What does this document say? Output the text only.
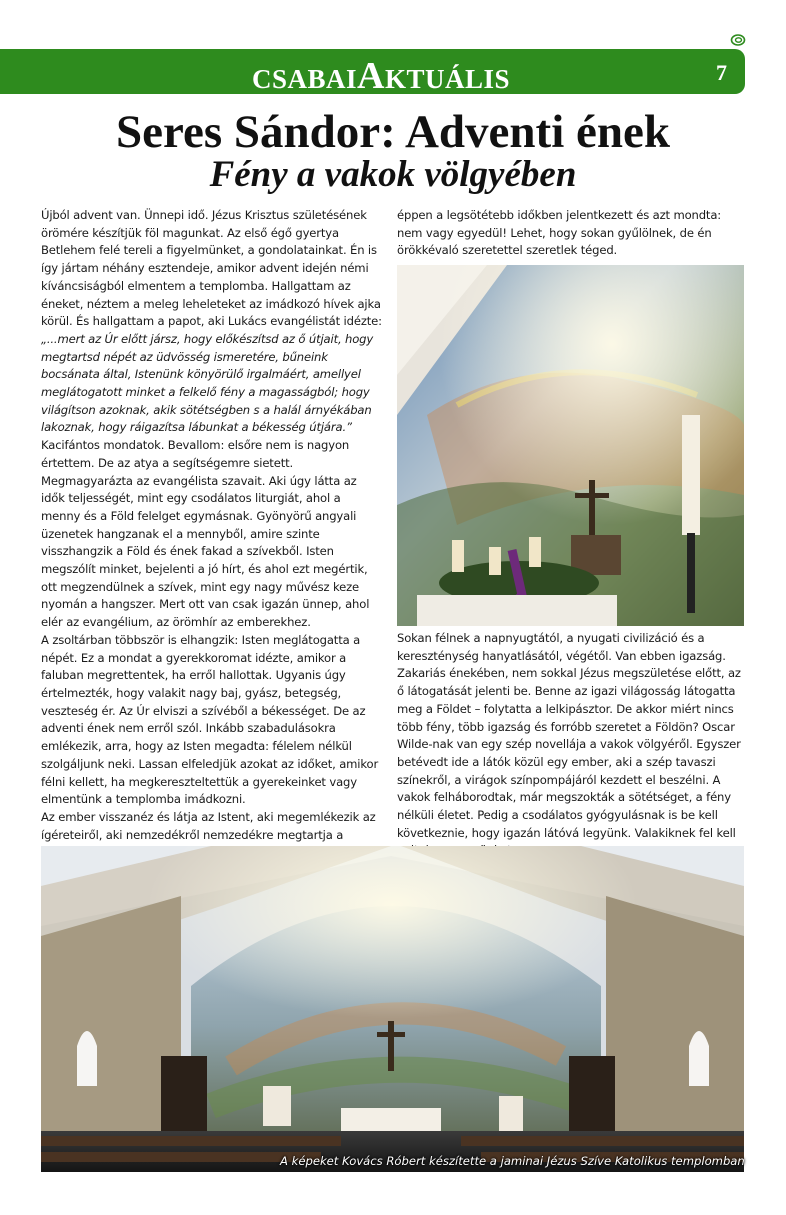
CSABAIAKTUÁLIS	7
Seres Sándor: Adventi ének
Fény a vakok völgyében

Újból advent van. Ünnepi idő. Jézus Krisztus születésének örömére készítjük föl magunkat. Az első égő gyertya Betlehem felé tereli a figyelmünket, a gondolatainkat. Én is így jártam néhány esztendeje, amikor advent idején némi kíváncsiságból elmentem a templomba. Hallgattam az éneket, néztem a meleg leheleteket az imádkozó hívek ajka körül. És hallgattam a papot, aki Lukács evangélistát idézte: „...mert az Úr előtt jársz, hogy előkészítsd az ő útjait, hogy megtartsd népét az üdvösség ismeretére, bűneink bocsánata által, Istenünk könyörülő irgalmáért, amellyel meglátogatott minket a felkelő fény a magasságból; hogy világítson azoknak, akik sötétségben s a halál árnyékában lakoznak, hogy ráigazítsa lábunkat a békesség útjára.”

Kacifántos mondatok. Bevallom: elsőre nem is nagyon értettem. De az atya a segítségemre sietett. Megmagyarázta az evangélista szavait. Aki úgy látta az idők teljességét, mint egy csodálatos liturgiát, ahol a menny és a Föld felelget egymásnak. Gyönyörű angyali üzenetek hangzanak el a mennyből, amire szinte visszhangzik a Föld és ének fakad a szívekből. Isten megszólít minket, bejelenti a jó hírt, és ahol ezt megértik, ott megzendülnek a szívek, mint egy nagy művész keze nyomán a hangszer. Mert ott van csak igazán ünnep, ahol elér az evangélium, az örömhír az emberekhez.

A zsoltárban többször is elhangzik: Isten meglátogatta a népét. Ez a mondat a gyerekkoromat idézte, amikor a faluban megrettentek, ha erről hallottak. Ugyanis úgy értelmezték, hogy valakit nagy baj, gyász, betegség, veszteség ér. Az Úr elviszi a szívéből a békességet. De az adventi ének nem erről szól. Inkább szabadulásokra emlékezik, arra, hogy az Isten megadta: félelem nélkül szolgáljunk neki. Lassan elfeledjük azokat az időket, amikor félni kellett, ha megkereszteltettük a gyerekeinket vagy elmentünk a templomba imádkozni.

Az ember visszanéz és látja az Istent, aki megemlékezik az ígéreteiről, aki nemzedékről nemzedékre megtartja a

éppen a legsötétebb időkben jelentkezett és azt mondta: nem vagy egyedül! Lehet, hogy sokan gyűlölnek, de én örökkévaló szeretettel szeretlek téged.

Sokan félnek a napnyugtától, a nyugati civilizáció és a kereszténység hanyatlásától, végétől. Van ebben igazság. Zakariás énekében, nem sokkal Jézus megszületése előtt, az ő látogatását jelenti be. Benne az igazi világosság látogatta meg a Földet – folytatta a lelkipásztor. De akkor miért nincs több fény, több igazság és forróbb szeretet a Földön? Oscar Wilde-nak van egy szép novellája a vakok völgyéről. Egyszer betévedt ide a látók közül egy ember, aki a szép tavaszi színekről, a virágok színpompájáról kezdett el beszélni. A vakok felháborodtak, már megszokták a sötétséget, a fény nélküli életet. Pedig a csodálatos gyógyulásnak is be kell következnie, hogy igazán látóvá legyünk. Valakiknek fel kell

A képeket Kovács Róbert készítette a jaminai Jézus Szíve Katolikus templomban
